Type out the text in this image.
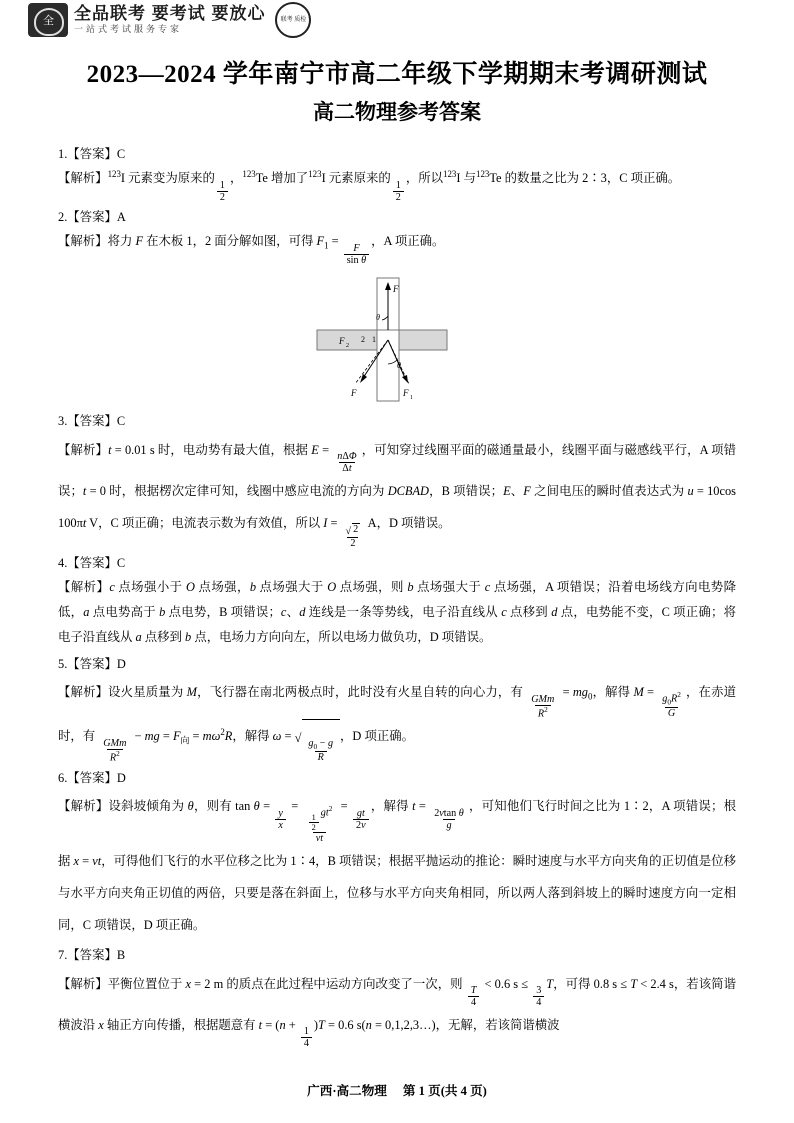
全	全品联考 要考试 要放心
一站式考试服务专家
联考 质检
2023—2024 学年南宁市高二年级下学期期末考调研测试
高二物理参考答案
1.【答案】C
【解析】$^{123}$I 元素变为原来的
$\frac{1}{2}$
，$^{123}$Te 增加了$^{123}$I 元素原来的
$\frac{1}{2}$
，所以$^{123}$I 与$^{123}$Te 的数量之比为 2∶3，C 项正确。
2.【答案】A
【解析】将力 F 在木板 1，2 面分解如图，可得 $F_1$ =
$\frac{F}{\text{sin θ}}$
，A 项正确。
F
θ
1
2
F 2
θ
F	F 1
3.【答案】C
【解析】t = 0.01 s 时，电动势有最大值，根据 E =
$\frac{\text{nΔΦ}}{\Delta t}$
，可知穿过线圈平面的磁通量最小，线圈平面与磁感线平行，A 项错误；t = 0 时，根据楞次定律可知，线圈中感应电流的方向为 DCBAD，B 项错误；E、F 之间电压的瞬时值表达式为 u = 10cos 100πt V，C 项正确；电流表示数为有效值，所以 I =
$\frac{√ 2}{2}$
A，D 项错误。
4.【答案】C
【解析】c 点场强小于 O 点场强，b 点场强大于 O 点场强，则 b 点场强大于 c 点场强，A 项错误；沿着电场线方向电势降低，a 点电势高于 b 点电势，B 项错误；c、d 连线是一条等势线，电子沿直线从 c 点移到 d 点，电势能不变，C 项正确；将电子沿直线从 a 点移到 b 点，电场力方向向左，所以电场力做负功，D 项错误。
5.【答案】D
【解析】设火星质量为 M，飞行器在南北两极点时，此时没有火星自转的向心力，有
$\frac{\text{GMm}}{R^2}$
= $mg_0$，解得 $M = \frac{g_0R^2}{G}$ ，在赤道时，有
$\frac{\text{GMm}}{R^2}$
− mg = $F_向 = m\omega^2R$，解得 ω = √ $\frac{g_0 - g}{R}$
，D 项正确。
6.【答案】D
【解析】设斜坡倾角为 θ，则有 tan θ =
$\frac{y}{x}$
= $\frac{1}{2}$
$gt^2$
vt =
$\frac{gt}{2v}$
，解得 t =
$\frac{\text{2vtan θ}}{g}$
，可知他们飞行时间之比为 1∶2，A 项错误；根据 x = vt，可得他们飞行的水平位移之比为 1∶4，B 项错误；根据平抛运动的推论：瞬时速度与水平方向夹角的正切值是位移与水平方向夹角正切值的两倍，只要是落在斜面上，位移与水平方向夹角相同，所以两人落到斜坡上的瞬时速度方向一定相同，C 项错误，D 项正确。
7.【答案】B
【解析】平衡位置位于 x = 2 m 的质点在此过程中运动方向改变了一次，则
$\frac{T}{4}$
< 0.6 s ≤
$\frac{3}{4}$
T，可得 0.8 s ≤ T < 2.4 s，若该简谐横波沿 x 轴正方向传播，根据题意有 t = (n +
$\frac{1}{4}$
)T = 0.6 s(n = 0,1,2,3…)，无解，若该简谐横波
广西·高二物理 第 1 页(共 4 页)
